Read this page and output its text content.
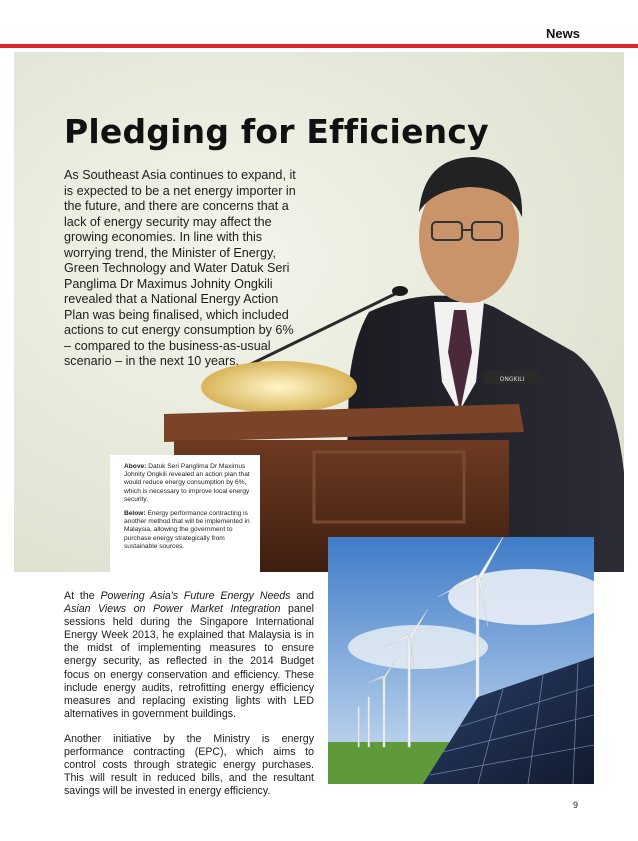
News
ONGKILI
Pledging for Efficiency

As Southeast Asia continues to expand, it is expected to be a net energy importer in the future, and there are concerns that a lack of energy security may affect the growing economies. In line with this worrying trend, the Minister of Energy, Green Technology and Water Datuk Seri Panglima Dr Maximus Johnity Ongkili revealed that a National Energy Action Plan was being finalised, which included actions to cut energy consumption by 6% – compared to the business-as-usual scenario – in the next 10 years.

Above: Datuk Seri Panglima Dr Maximus Johnity Ongkili revealed an action plan that would reduce energy consumption by 6%, which is necessary to improve local energy security.

Below: Energy performance contracting is another method that will be implemented in Malaysia, allowing the government to purchase energy strategically from sustainable sources.

At the Powering Asia's Future Energy Needs and Asian Views on Power Market Integration panel sessions held during the Singapore International Energy Week 2013, he explained that Malaysia is in the midst of implementing measures to ensure energy security, as reflected in the 2014 Budget focus on energy conservation and efficiency. These include energy audits, retrofitting energy efficiency measures and replacing existing lights with LED alternatives in government buildings.

Another initiative by the Ministry is energy performance contracting (EPC), which aims to control costs through strategic energy purchases. This will result in reduced bills, and the resultant savings will be invested in energy efficiency.

9
